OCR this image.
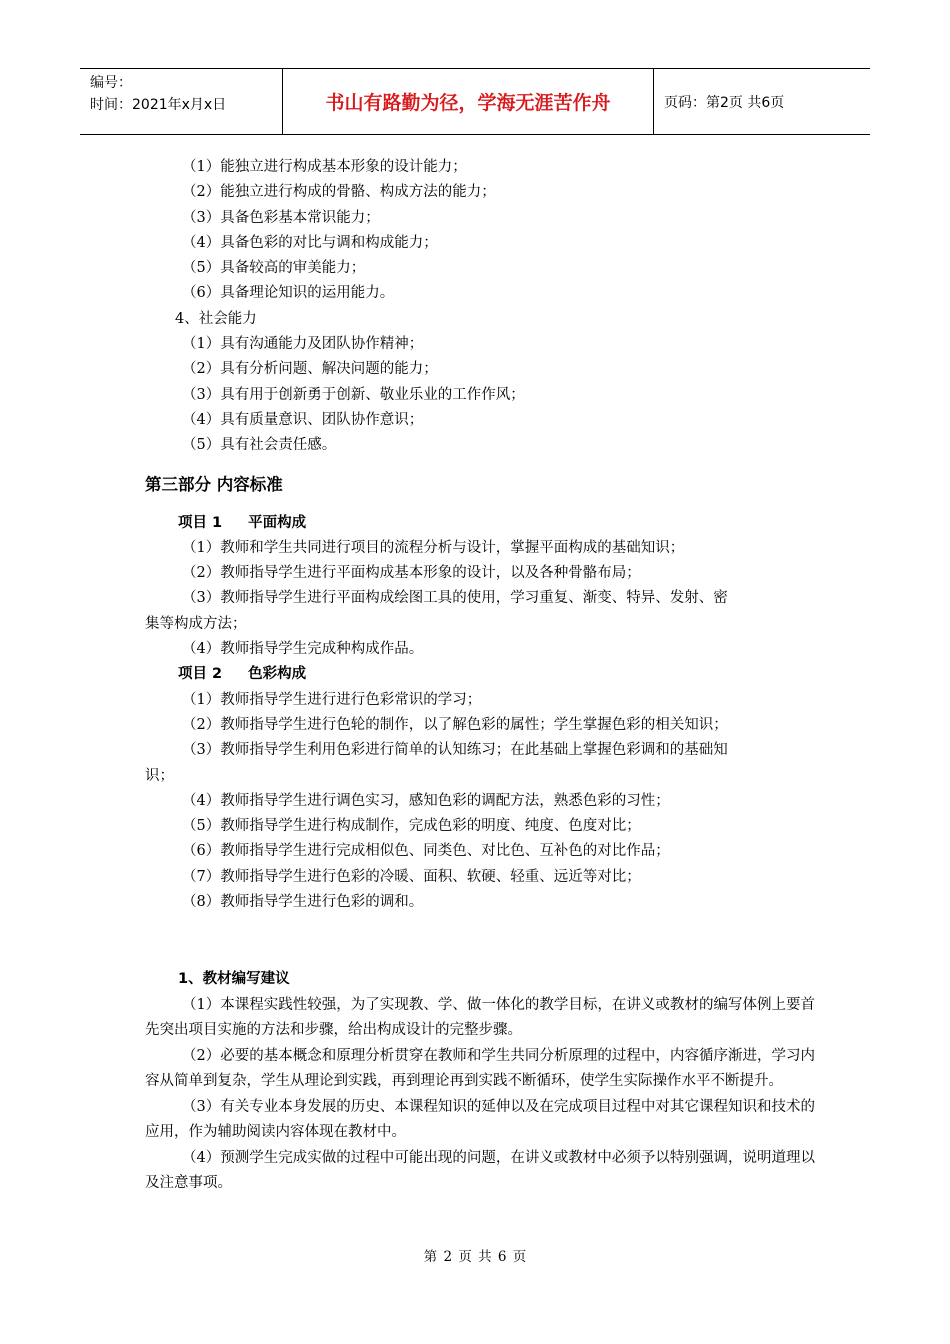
编号：
时间：2021年x月x日	书山有路勤为径，学海无涯苦作舟	页码：第2页 共6页
（1）能独立进行构成基本形象的设计能力；
（2）能独立进行构成的骨骼、构成方法的能力；
（3）具备色彩基本常识能力；
（4）具备色彩的对比与调和构成能力；
（5）具备较高的审美能力；
（6）具备理论知识的运用能力。
4、社会能力
（1）具有沟通能力及团队协作精神；
（2）具有分析问题、解决问题的能力；
（3）具有用于创新勇于创新、敬业乐业的工作作风；
（4）具有质量意识、团队协作意识；
（5）具有社会责任感。
第三部分 内容标准
项目 1 平面构成
（1）教师和学生共同进行项目的流程分析与设计，掌握平面构成的基础知识；
（2）教师指导学生进行平面构成基本形象的设计，以及各种骨骼布局；
（3）教师指导学生进行平面构成绘图工具的使用，学习重复、渐变、特异、发射、密
集等构成方法；
（4）教师指导学生完成种构成作品。
项目 2 色彩构成
（1）教师指导学生进行进行色彩常识的学习；
（2）教师指导学生进行色轮的制作，以了解色彩的属性；学生掌握色彩的相关知识；
（3）教师指导学生利用色彩进行简单的认知练习；在此基础上掌握色彩调和的基础知
识；
（4）教师指导学生进行调色实习，感知色彩的调配方法，熟悉色彩的习性；
（5）教师指导学生进行构成制作，完成色彩的明度、纯度、色度对比；
（6）教师指导学生进行完成相似色、同类色、对比色、互补色的对比作品；
（7）教师指导学生进行色彩的冷暖、面积、软硬、轻重、远近等对比；
（8）教师指导学生进行色彩的调和。
1、教材编写建议
（1）本课程实践性较强，为了实现教、学、做一体化的教学目标，在讲义或教材的编写体例上要首先突出项目实施的方法和步骤，给出构成设计的完整步骤。
（2）必要的基本概念和原理分析贯穿在教师和学生共同分析原理的过程中，内容循序渐进，学习内容从简单到复杂，学生从理论到实践，再到理论再到实践不断循环，使学生实际操作水平不断提升。
（3）有关专业本身发展的历史、本课程知识的延伸以及在完成项目过程中对其它课程知识和技术的应用，作为辅助阅读内容体现在教材中。
（4）预测学生完成实做的过程中可能出现的问题，在讲义或教材中必须予以特别强调，说明道理以及注意事项。
第 2 页 共 6 页
